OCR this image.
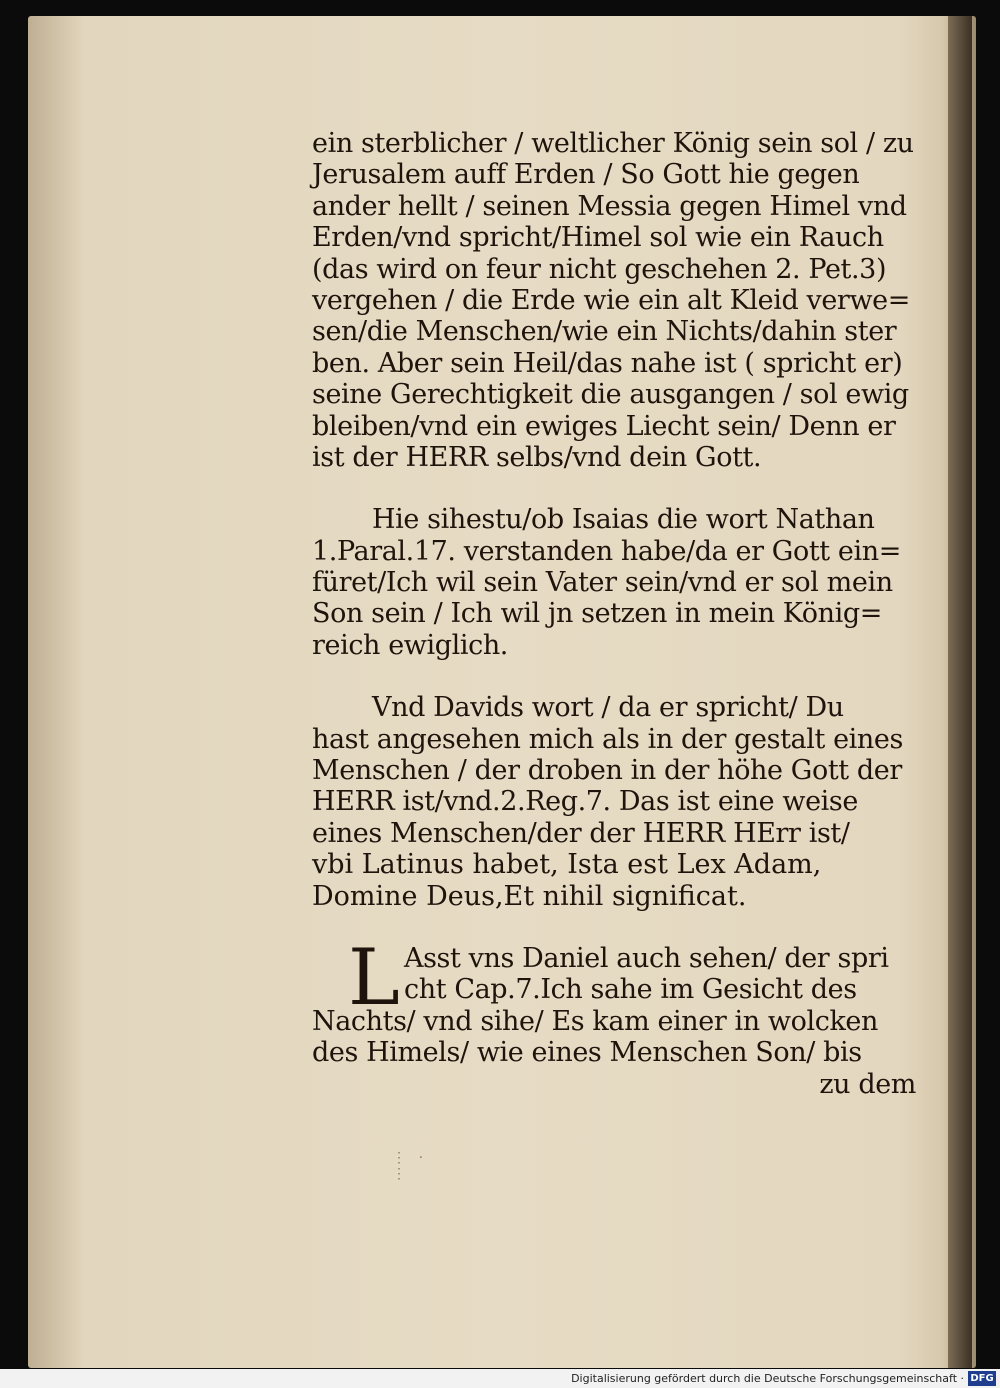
ein sterblicher / weltlicher König sein sol / zu
Jerusalem auff Erden / So Gott hie gegen
ander hellt / seinen Messia gegen Himel vnd
Erden/vnd spricht/Himel sol wie ein Rauch
(das wird on feur nicht geschehen 2. Pet.3)
vergehen / die Erde wie ein alt Kleid verwe=
sen/die Menschen/wie ein Nichts/dahin ster
ben. Aber sein Heil/das nahe ist ( spricht er)
seine Gerechtigkeit die ausgangen / sol ewig
bleiben/vnd ein ewiges Liecht sein/ Denn er
ist der HERR selbs/vnd dein Gott.
Hie sihestu/ob Isaias die wort Nathan
1.Paral.17. verstanden habe/da er Gott ein=
füret/Ich wil sein Vater sein/vnd er sol mein
Son sein / Ich wil jn setzen in mein König=
reich ewiglich.
Vnd Davids wort / da er spricht/ Du
hast angesehen mich als in der gestalt eines
Menschen / der droben in der höhe Gott der
HERR ist/vnd.2.Reg.7. Das ist eine weise
eines Menschen/der der HERR HErr ist/
vbi Latinus habet, Ista est Lex Adam,
Domine Deus,Et nihil significat.
L Asst vns Daniel auch sehen/ der spri
cht Cap.7.Ich sahe im Gesicht des
Nachts/ vnd sihe/ Es kam einer in wolcken
des Himels/ wie eines Menschen Son/ bis
zu dem
⋮ ⋅ ⋮
Digitalisierung gefördert durch die Deutsche Forschungsgemeinschaft · DFG
